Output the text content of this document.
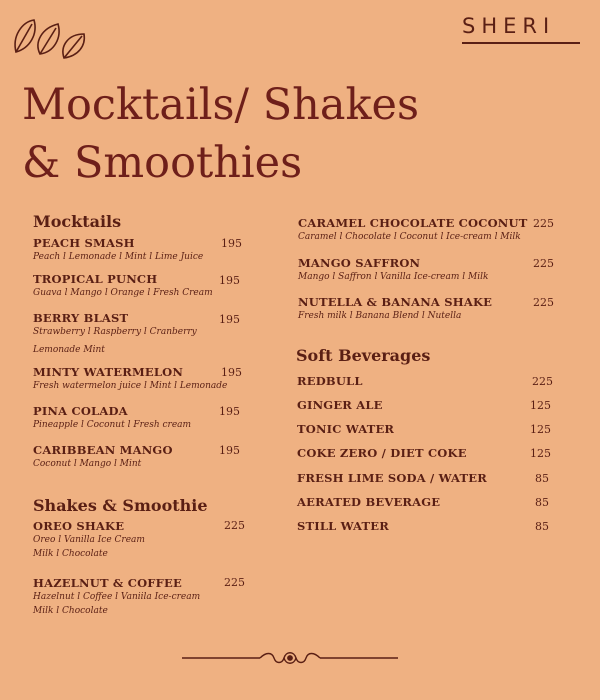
SHERI
Mocktails/ Shakes
& Smoothies
Mocktails
PEACH SMASH
Peach l Lemonade l Mint l Lime Juice
195
TROPICAL PUNCH
Guava l Mango l Orange l Fresh Cream
195
BERRY BLAST
Strawberry l Raspberry l Cranberry
Lemonade Mint
195
MINTY WATERMELON
Fresh watermelon juice l Mint l Lemonade
195
PINA COLADA
Pineapple l Coconut l Fresh cream
195
CARIBBEAN MANGO
Coconut l Mango l Mint
195
Shakes & Smoothie
OREO SHAKE
Oreo l Vanilla Ice Cream
Milk l Chocolate
225
HAZELNUT & COFFEE
Hazelnut l Coffee l Vaniila Ice-cream
Milk l Chocolate
225
CARAMEL CHOCOLATE COCONUT
Caramel l Chocolate l Coconut l Ice-cream l Milk
225
MANGO SAFFRON
Mango l Saffron l Vanilla Ice-cream l Milk
225
NUTELLA & BANANA SHAKE
Fresh milk l Banana Blend l Nutella
225
Soft Beverages
REDBULL	225
GINGER ALE	125
TONIC WATER	125
COKE ZERO / DIET COKE	125
FRESH LIME SODA / WATER	85
AERATED BEVERAGE	85
STILL WATER	85
